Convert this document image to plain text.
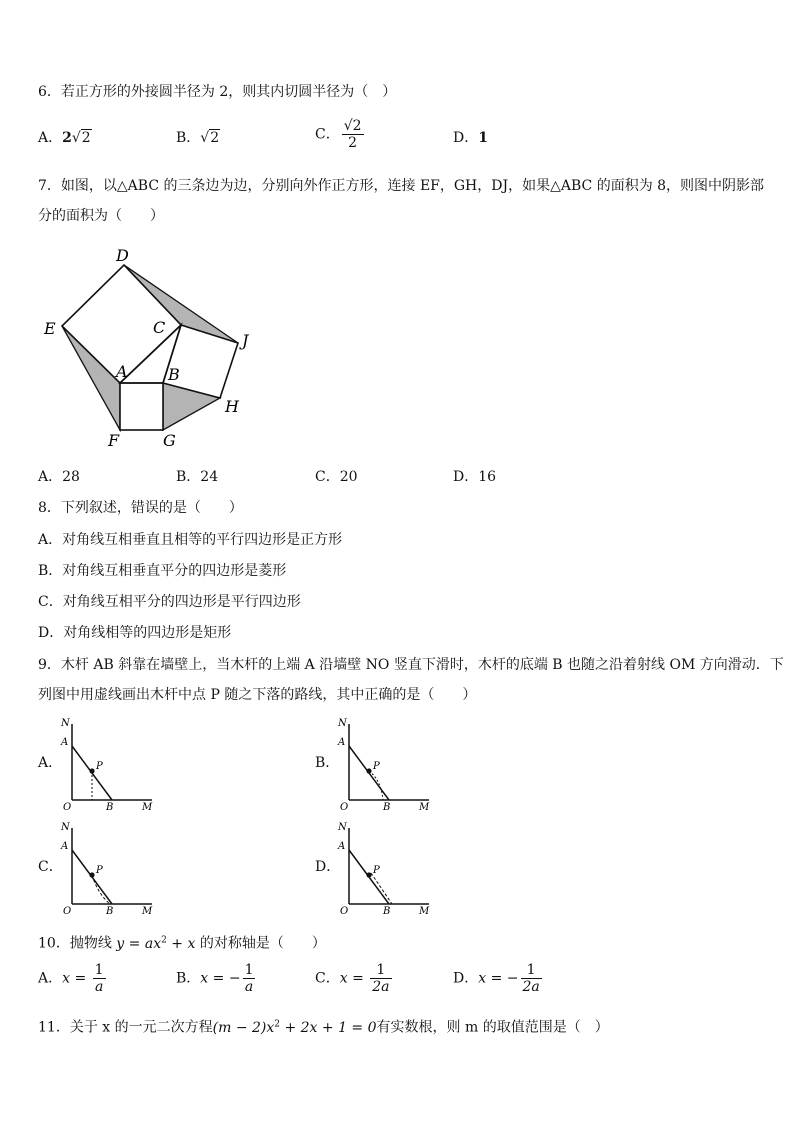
6．若正方形的外接圆半径为 2，则其内切圆半径为（　）
A．2√2	B．√2	C． $\frac{√2}{2}$	D．1
7．如图，以△ABC 的三条边为边，分别向外作正方形，连接 EF，GH，DJ，如果△ABC 的面积为 8，则图中阴影部
分的面积为（　　）
D
E	C
J
A	B
H
F	G
A．28	B．24	C．20	D．16
8．下列叙述，错误的是（　　）
A．对角线互相垂直且相等的平行四边形是正方形
B．对角线互相垂直平分的四边形是菱形
C．对角线互相平分的四边形是平行四边形
D．对角线相等的四边形是矩形
9．木杆 AB 斜靠在墙壁上，当木杆的上端 A 沿墙壁 NO 竖直下滑时，木杆的底端 B 也随之沿着射线 OM 方向滑动．下
列图中用虚线画出木杆中点 P 随之下落的路线，其中正确的是（　　）
A．	B．
C．	D．
N
A
P
O	B	M
N
A
P
O	B	M
N
A
P
O	B	M
N
A
P
O	B	M
10．抛物线 $y = ax^2 + x$ 的对称轴是（　　）
A．$x = \frac{1}{a}$	B．x = − $\frac{1}{a}$	C．$x = \frac{1}{2a}$	D．x = − $\frac{1}{2a}$
11．关于 x 的一元二次方程$(m - 2)x^2 + 2x + 1 = 0$有实数根，则 m 的取值范围是（　）
